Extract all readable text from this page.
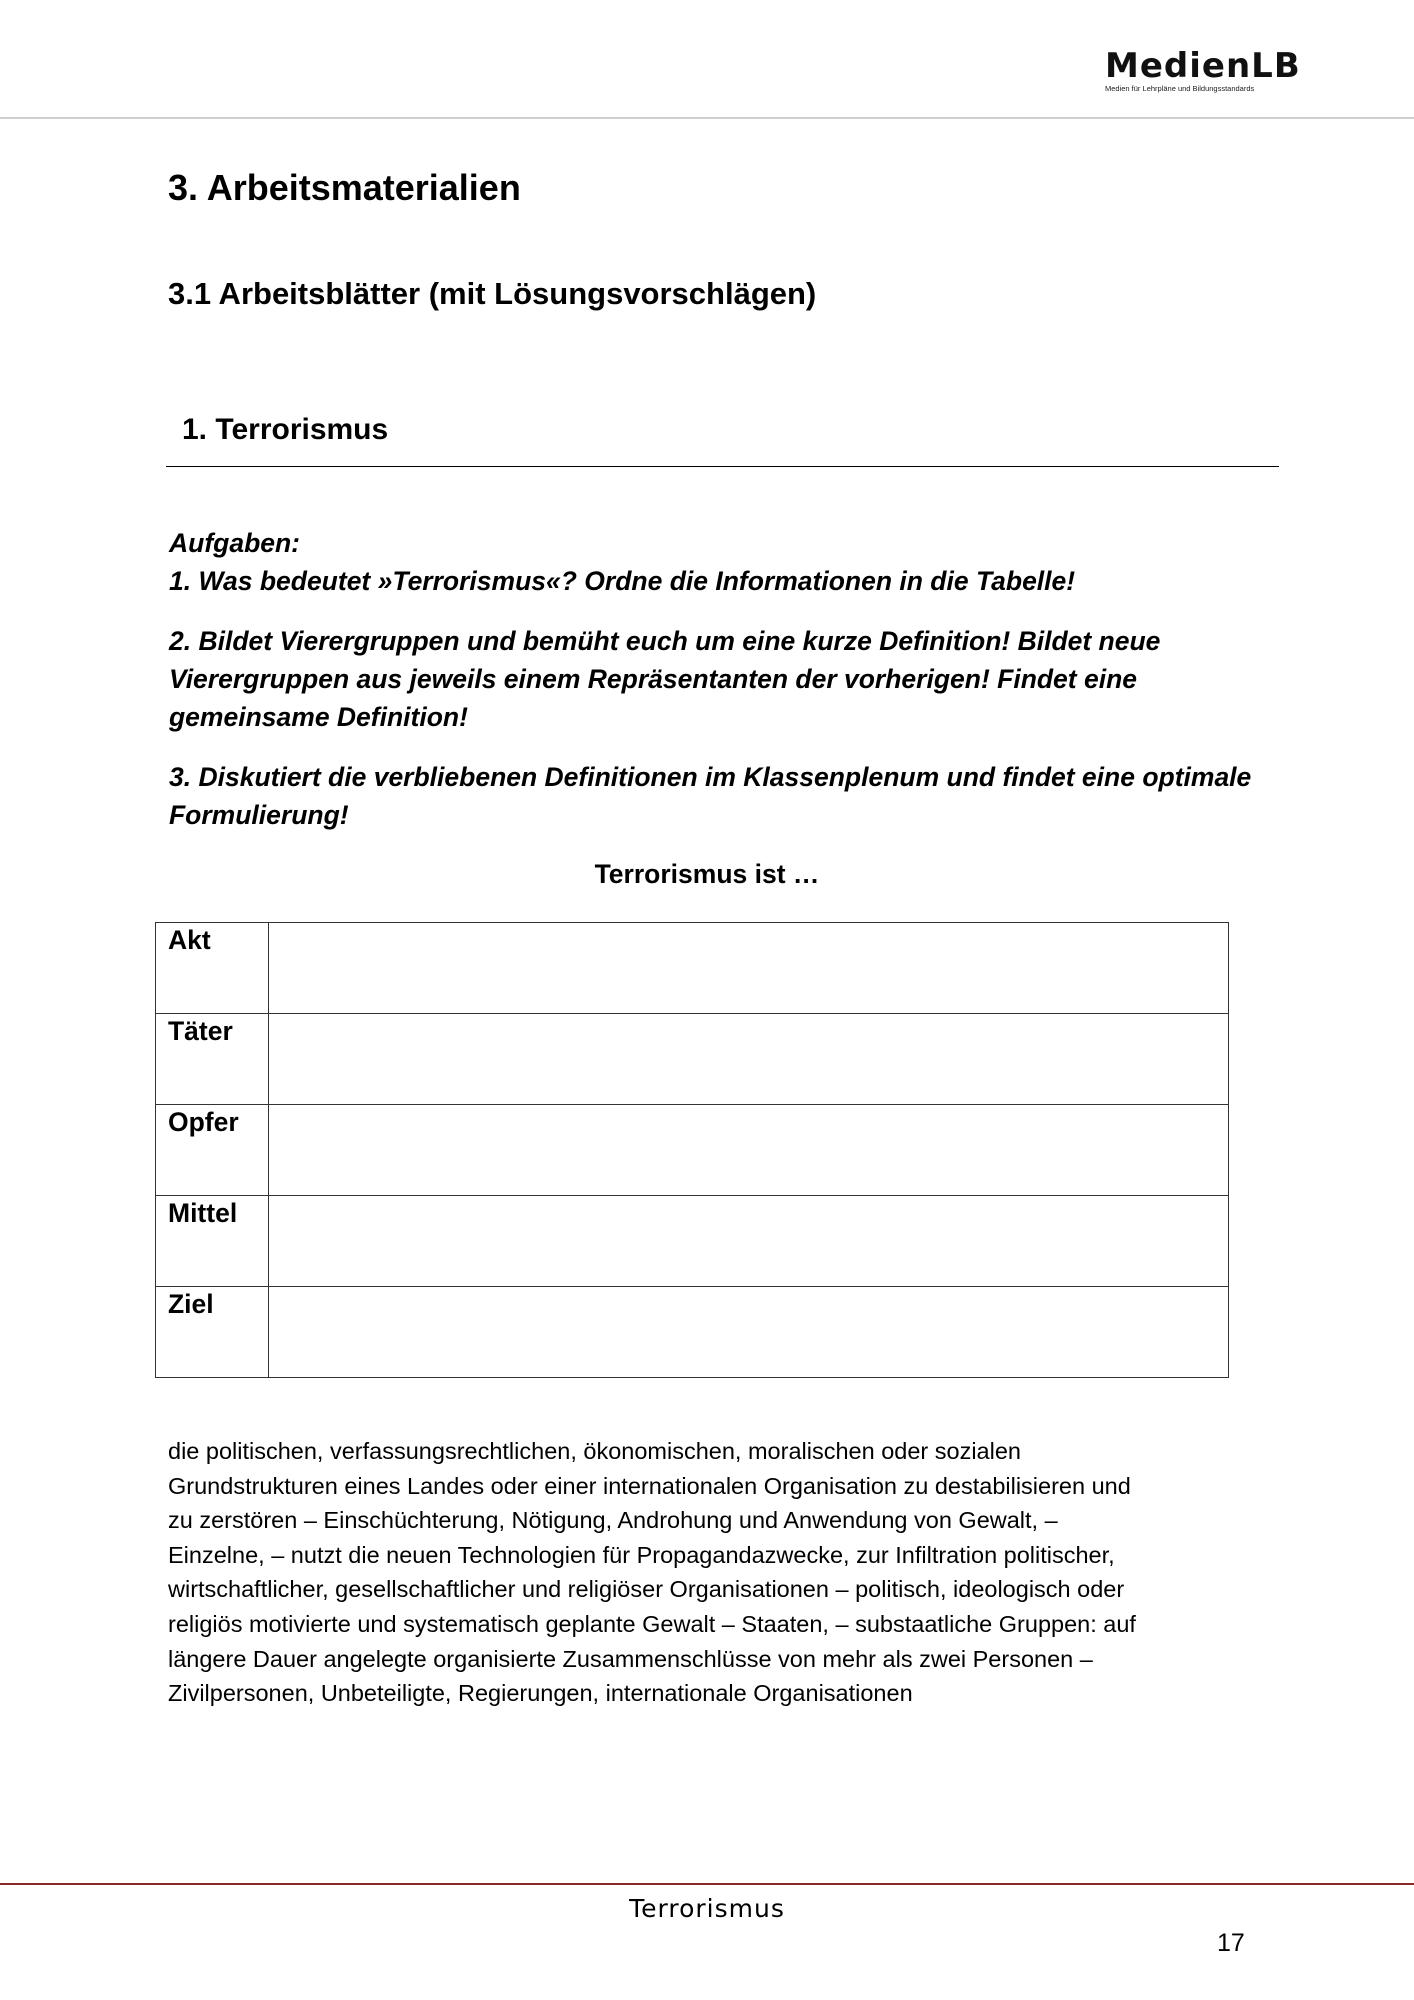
MedienLB
Medien für Lehrpläne und Bildungsstandards
3. Arbeitsmaterialien
3.1 Arbeitsblätter (mit Lösungsvorschlägen)
1. Terrorismus
Aufgaben:

1. Was bedeutet »Terrorismus«? Ordne die Informationen in die Tabelle!

2. Bildet Vierergruppen und bemüht euch um eine kurze Definition! Bildet neue Vierergruppen aus jeweils einem Repräsentanten der vorherigen! Findet eine gemeinsame Definition!

3. Diskutiert die verbliebenen Definitionen im Klassenplenum und findet eine optimale Formulierung!

Terrorismus ist …
Akt	
Täter	
Opfer	
Mittel	
Ziel	
die politischen, verfassungsrechtlichen, ökonomischen, moralischen oder sozialen
Grundstrukturen eines Landes oder einer internationalen Organisation zu destabilisieren und
zu zerstören – Einschüchterung, Nötigung, Androhung und Anwendung von Gewalt, –
Einzelne, – nutzt die neuen Technologien für Propagandazwecke, zur Infiltration politischer,
wirtschaftlicher, gesellschaftlicher und religiöser Organisationen – politisch, ideologisch oder
religiös motivierte und systematisch geplante Gewalt – Staaten, – substaatliche Gruppen: auf
längere Dauer angelegte organisierte Zusammenschlüsse von mehr als zwei Personen –
Zivilpersonen, Unbeteiligte, Regierungen, internationale Organisationen
Terrorismus
17
